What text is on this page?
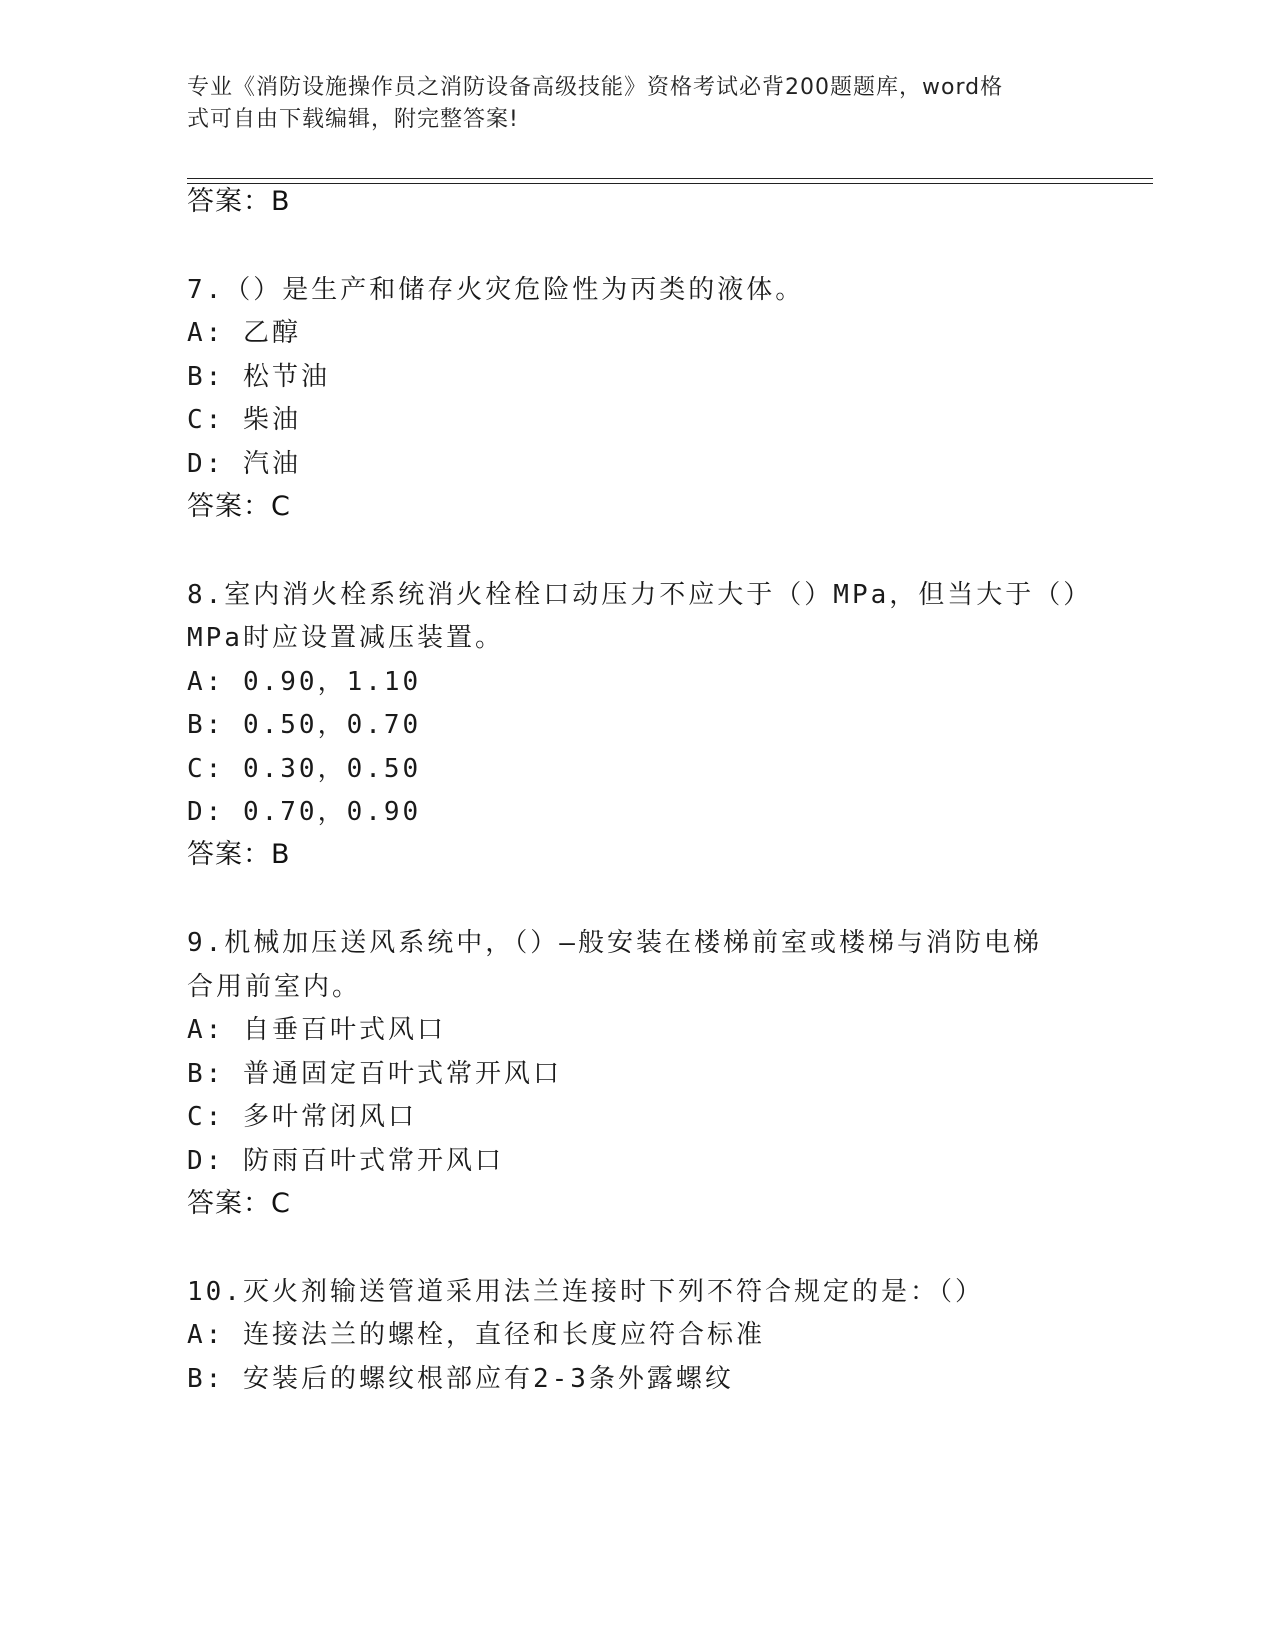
专业《消防设施操作员之消防设备高级技能》资格考试必背200题题库，word格
式可自由下载编辑，附完整答案!
答案：B
7.（）是生产和储存火灾危险性为丙类的液体。
A: 乙醇
B: 松节油
C: 柴油
D: 汽油
答案：C
8.室内消火栓系统消火栓栓口动压力不应大于（）MPa，但当大于（）
MPa时应设置减压装置。
A: 0.90，1.10
B: 0.50，0.70
C: 0.30，0.50
D: 0.70，0.90
答案：B
9.机械加压送风系统中，（）—般安装在楼梯前室或楼梯与消防电梯
合用前室内。
A: 自垂百叶式风口
B: 普通固定百叶式常开风口
C: 多叶常闭风口
D: 防雨百叶式常开风口
答案：C
10.灭火剂输送管道采用法兰连接时下列不符合规定的是：（）
A: 连接法兰的螺栓，直径和长度应符合标准
B: 安装后的螺纹根部应有2-3条外露螺纹
